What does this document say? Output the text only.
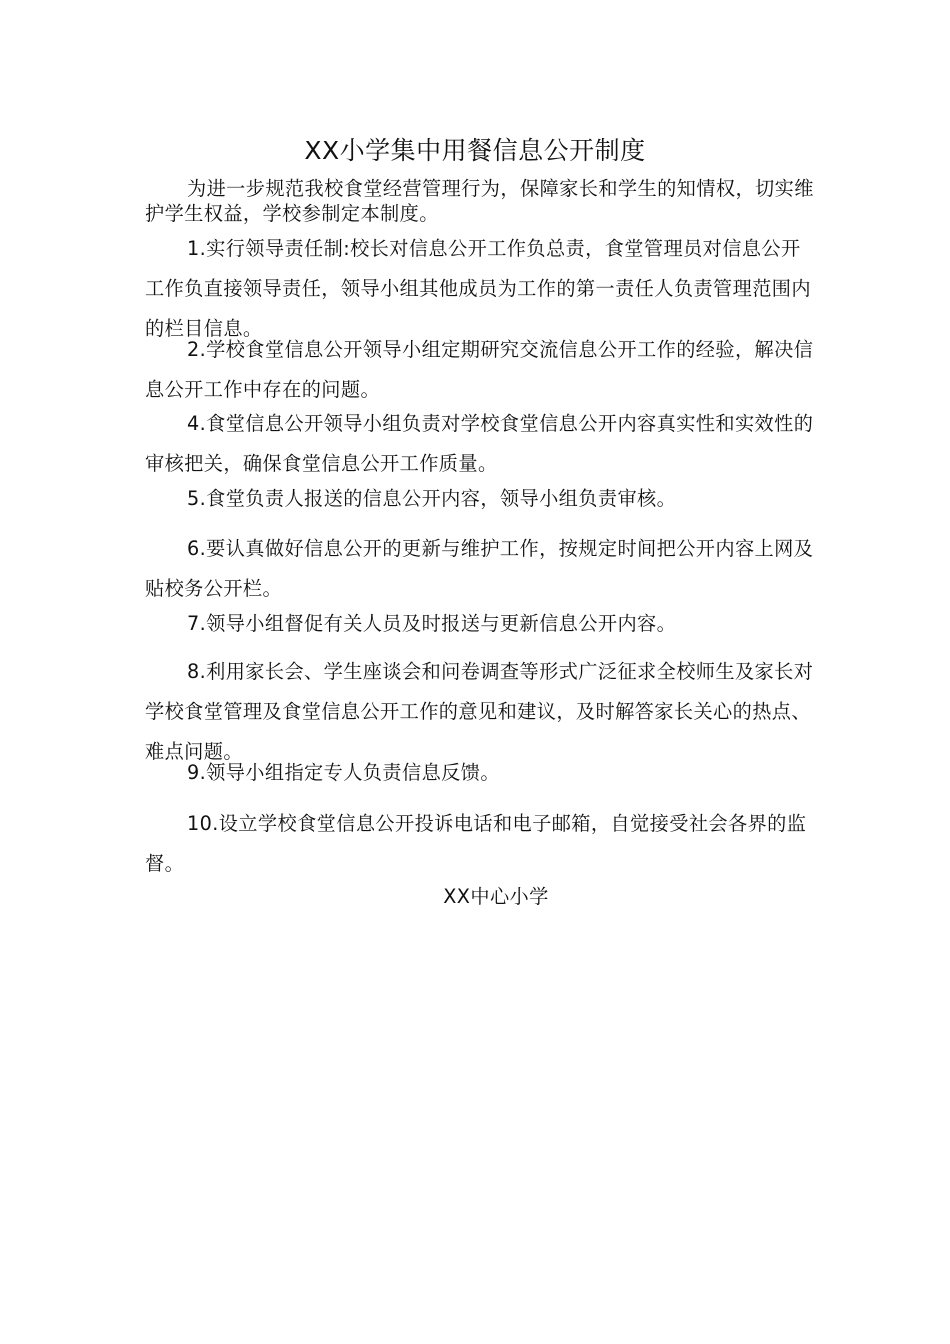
XX小学集中用餐信息公开制度

为进一步规范我校食堂经营管理行为，保障家长和学生的知情权，切实维护学生权益，学校参制定本制度。

1.实行领导责任制:校长对信息公开工作负总责，食堂管理员对信息公开工作负直接领导责任，领导小组其他成员为工作的第一责任人负责管理范围内的栏目信息。

2.学校食堂信息公开领导小组定期研究交流信息公开工作的经验，解决信息公开工作中存在的问题。

4.食堂信息公开领导小组负责对学校食堂信息公开内容真实性和实效性的审核把关，确保食堂信息公开工作质量。

5.食堂负责人报送的信息公开内容，领导小组负责审核。

6.要认真做好信息公开的更新与维护工作，按规定时间把公开内容上网及贴校务公开栏。

7.领导小组督促有关人员及时报送与更新信息公开内容。

8.利用家长会、学生座谈会和问卷调查等形式广泛征求全校师生及家长对学校食堂管理及食堂信息公开工作的意见和建议，及时解答家长关心的热点、难点问题。

9.领导小组指定专人负责信息反馈。

10.设立学校食堂信息公开投诉电话和电子邮箱，自觉接受社会各界的监督。

XX中心小学
